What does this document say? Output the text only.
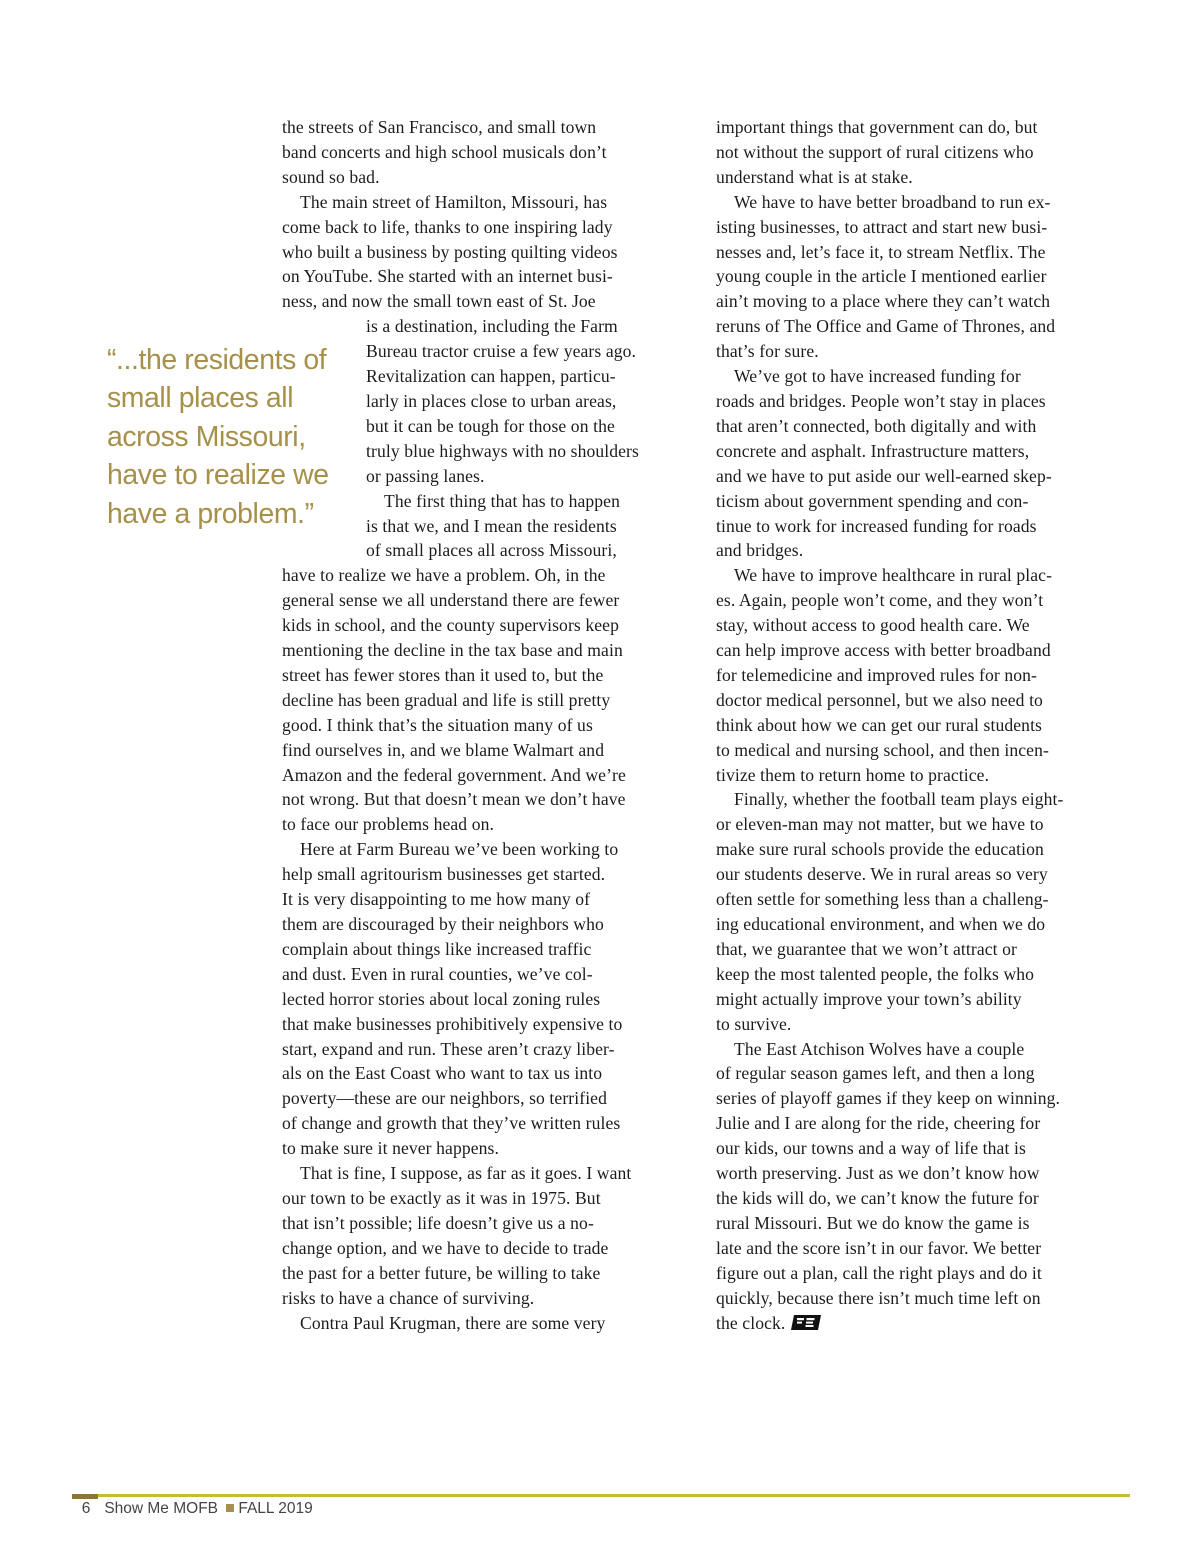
“...the residents of
small places all
across Missouri,
have to realize we
have a problem.”
the streets of San Francisco, and small town
band concerts and high school musicals don’t
sound so bad.
The main street of Hamilton, Missouri, has
come back to life, thanks to one inspiring lady
who built a business by posting quilting videos
on YouTube. She started with an internet busi-
ness, and now the small town east of St. Joe
is a destination, including the Farm
Bureau tractor cruise a few years ago.
Revitalization can happen, particu-
larly in places close to urban areas,
but it can be tough for those on the
truly blue highways with no shoulders
or passing lanes.
The first thing that has to happen
is that we, and I mean the residents
of small places all across Missouri,
have to realize we have a problem. Oh, in the
general sense we all understand there are fewer
kids in school, and the county supervisors keep
mentioning the decline in the tax base and main
street has fewer stores than it used to, but the
decline has been gradual and life is still pretty
good. I think that’s the situation many of us
find ourselves in, and we blame Walmart and
Amazon and the federal government. And we’re
not wrong. But that doesn’t mean we don’t have
to face our problems head on.
Here at Farm Bureau we’ve been working to
help small agritourism businesses get started.
It is very disappointing to me how many of
them are discouraged by their neighbors who
complain about things like increased traffic
and dust. Even in rural counties, we’ve col-
lected horror stories about local zoning rules
that make businesses prohibitively expensive to
start, expand and run. These aren’t crazy liber-
als on the East Coast who want to tax us into
poverty—these are our neighbors, so terrified
of change and growth that they’ve written rules
to make sure it never happens.
That is fine, I suppose, as far as it goes. I want
our town to be exactly as it was in 1975. But
that isn’t possible; life doesn’t give us a no-
change option, and we have to decide to trade
the past for a better future, be willing to take
risks to have a chance of surviving.
Contra Paul Krugman, there are some very
important things that government can do, but
not without the support of rural citizens who
understand what is at stake.
We have to have better broadband to run ex-
isting businesses, to attract and start new busi-
nesses and, let’s face it, to stream Netflix. The
young couple in the article I mentioned earlier
ain’t moving to a place where they can’t watch
reruns of The Office and Game of Thrones, and
that’s for sure.
We’ve got to have increased funding for
roads and bridges. People won’t stay in places
that aren’t connected, both digitally and with
concrete and asphalt. Infrastructure matters,
and we have to put aside our well-earned skep-
ticism about government spending and con-
tinue to work for increased funding for roads
and bridges.
We have to improve healthcare in rural plac-
es. Again, people won’t come, and they won’t
stay, without access to good health care. We
can help improve access with better broadband
for telemedicine and improved rules for non-
doctor medical personnel, but we also need to
think about how we can get our rural students
to medical and nursing school, and then incen-
tivize them to return home to practice.
Finally, whether the football team plays eight-
or eleven-man may not matter, but we have to
make sure rural schools provide the education
our students deserve. We in rural areas so very
often settle for something less than a challeng-
ing educational environment, and when we do
that, we guarantee that we won’t attract or
keep the most talented people, the folks who
might actually improve your town’s ability
to survive.
The East Atchison Wolves have a couple
of regular season games left, and then a long
series of playoff games if they keep on winning.
Julie and I are along for the ride, cheering for
our kids, our towns and a way of life that is
worth preserving. Just as we don’t know how
the kids will do, we can’t know the future for
rural Missouri. But we do know the game is
late and the score isn’t in our favor. We better
figure out a plan, call the right plays and do it
quickly, because there isn’t much time left on
the clock.
6 Show Me MOFB FALL 2019
